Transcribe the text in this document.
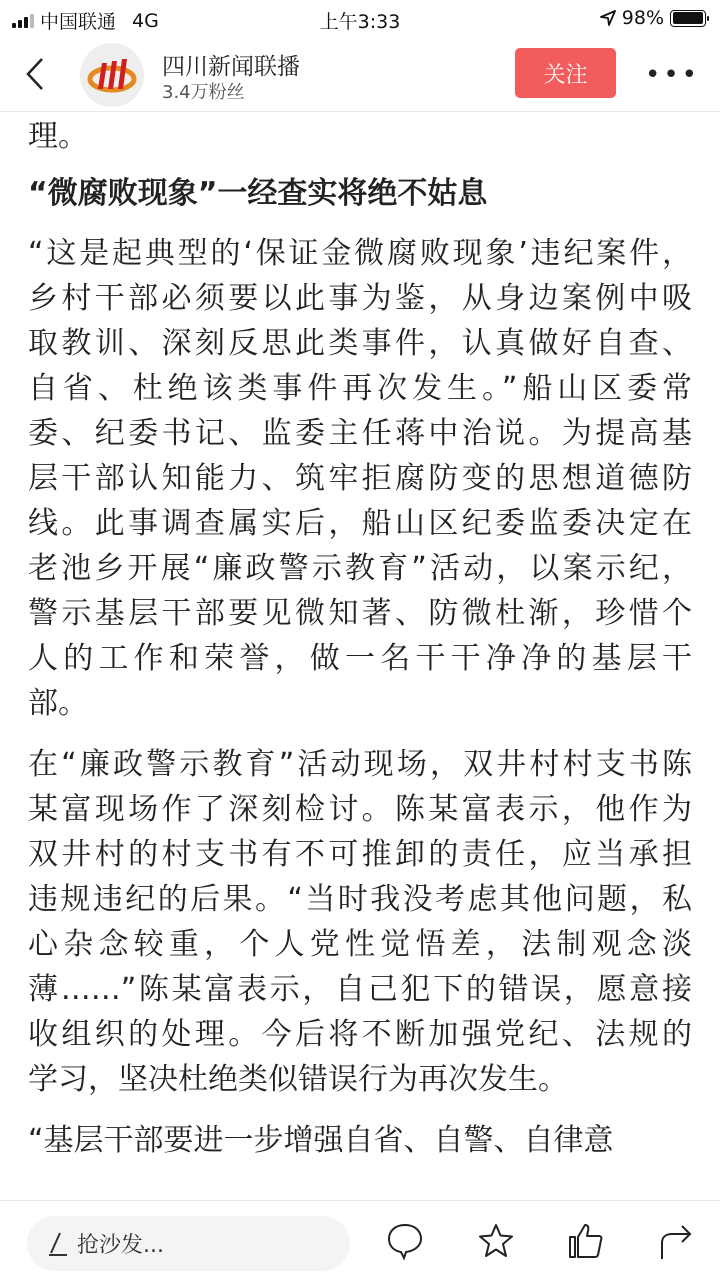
中国联通 4G	上午3:33	98%
四川新闻联播
3.4万粉丝
关注	•••
理。
“微腐败现象”一经查实将绝不姑息
“这是起典型的‘保证金微腐败现象’违纪案件，
乡村干部必须要以此事为鉴，从身边案例中吸
取教训、深刻反思此类事件，认真做好自查、
自省、杜绝该类事件再次发生。”船山区委常
委、纪委书记、监委主任蒋中治说。为提高基
层干部认知能力、筑牢拒腐防变的思想道德防
线。此事调查属实后，船山区纪委监委决定在
老池乡开展“廉政警示教育”活动，以案示纪，
警示基层干部要见微知著、防微杜渐，珍惜个
人的工作和荣誉，做一名干干净净的基层干
部。
在“廉政警示教育”活动现场，双井村村支书陈
某富现场作了深刻检讨。陈某富表示，他作为
双井村的村支书有不可推卸的责任，应当承担
违规违纪的后果。“当时我没考虑其他问题，私
心杂念较重，个人党性觉悟差，法制观念淡
薄……”陈某富表示，自己犯下的错误，愿意接
收组织的处理。今后将不断加强党纪、法规的
学习，坚决杜绝类似错误行为再次发生。
“基层干部要进一步增强自省、自警、自律意
抢沙发...
